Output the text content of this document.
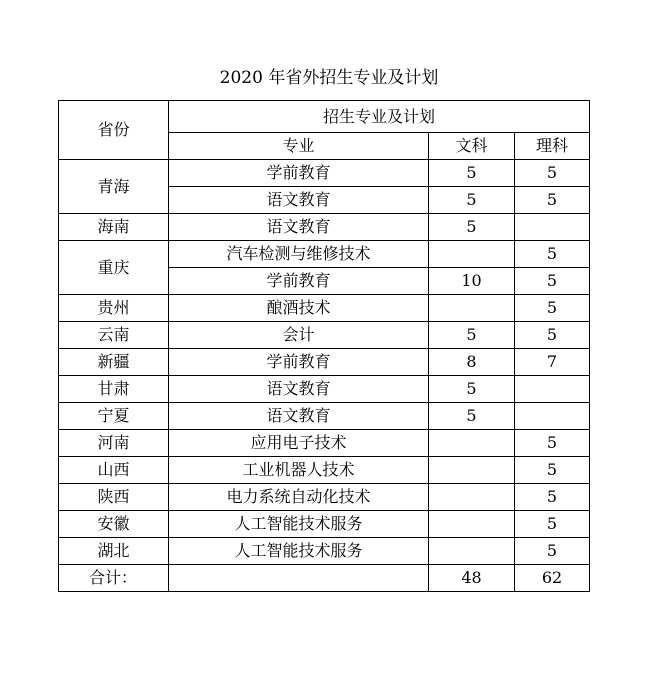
2020 年省外招生专业及计划
省份	招生专业及计划		
	专业	文科	理科
青海	学前教育	5	5
	语文教育	5	5
海南	语文教育	5	
重庆	汽车检测与维修技术		5
	学前教育	10	5
贵州	酿酒技术		5
云南	会计	5	5
新疆	学前教育	8	7
甘肃	语文教育	5	
宁夏	语文教育	5	
河南	应用电子技术		5
山西	工业机器人技术		5
陕西	电力系统自动化技术		5
安徽	人工智能技术服务		5
湖北	人工智能技术服务		5
合计：		48	62
